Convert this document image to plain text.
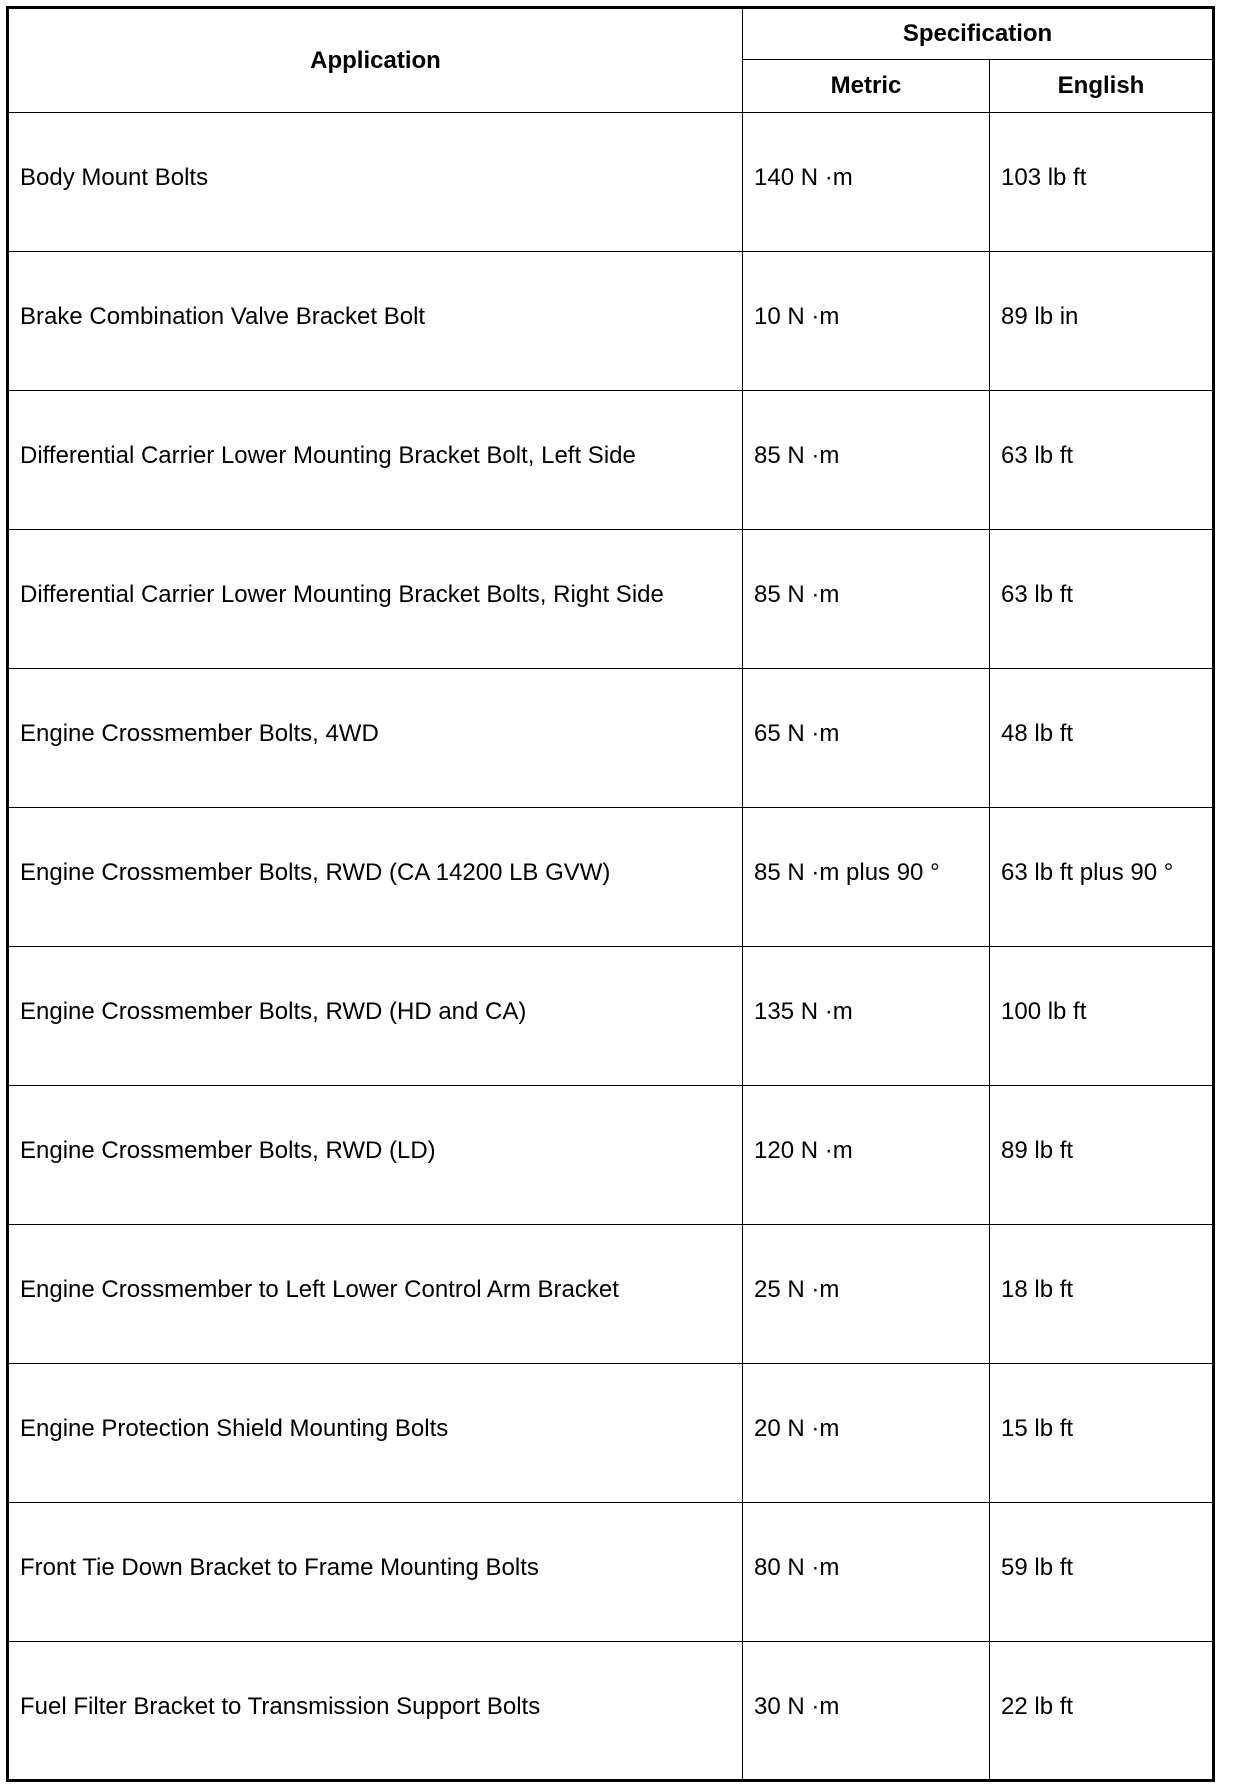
Application	Specification	
	Metric	English
Body Mount Bolts	140 N ·m	103 lb ft
Brake Combination Valve Bracket Bolt	10 N ·m	89 lb in
Differential Carrier Lower Mounting Bracket Bolt, Left Side	85 N ·m	63 lb ft
Differential Carrier Lower Mounting Bracket Bolts, Right Side	85 N ·m	63 lb ft
Engine Crossmember Bolts, 4WD	65 N ·m	48 lb ft
Engine Crossmember Bolts, RWD (CA 14200 LB GVW)	85 N ·m plus 90 °	63 lb ft plus 90 °
Engine Crossmember Bolts, RWD (HD and CA)	135 N ·m	100 lb ft
Engine Crossmember Bolts, RWD (LD)	120 N ·m	89 lb ft
Engine Crossmember to Left Lower Control Arm Bracket	25 N ·m	18 lb ft
Engine Protection Shield Mounting Bolts	20 N ·m	15 lb ft
Front Tie Down Bracket to Frame Mounting Bolts	80 N ·m	59 lb ft
Fuel Filter Bracket to Transmission Support Bolts	30 N ·m	22 lb ft
